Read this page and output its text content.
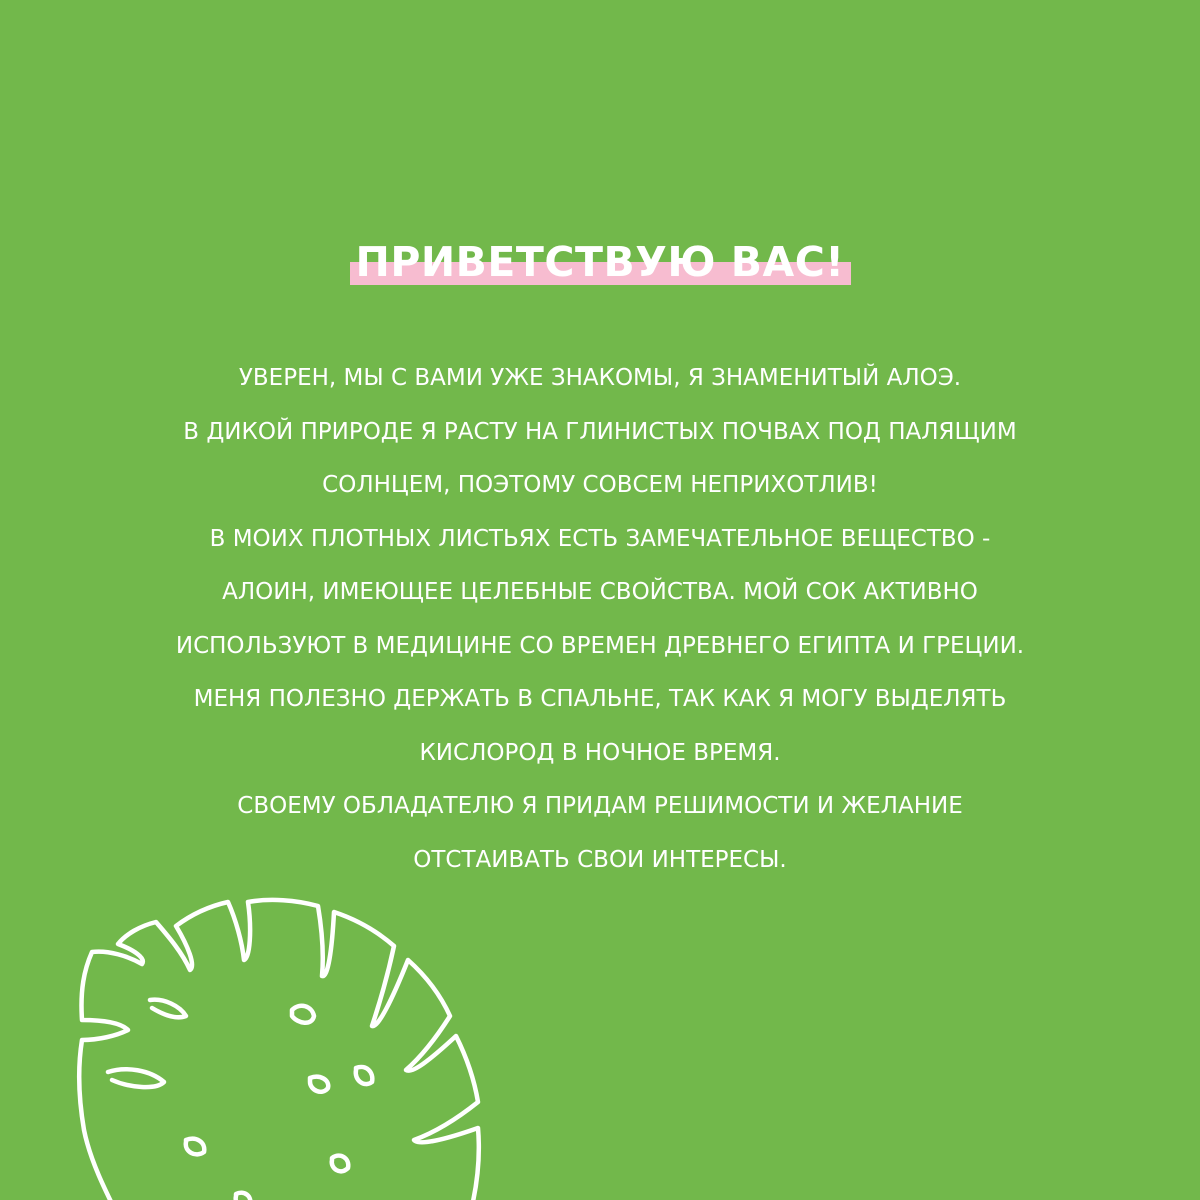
ПРИВЕТСТВУЮ ВАС!
УВЕРЕН, МЫ С ВАМИ УЖЕ ЗНАКОМЫ, Я ЗНАМЕНИТЫЙ АЛОЭ.
В ДИКОЙ ПРИРОДЕ Я РАСТУ НА ГЛИНИСТЫХ ПОЧВАХ ПОД ПАЛЯЩИМ
СОЛНЦЕМ, ПОЭТОМУ СОВСЕМ НЕПРИХОТЛИВ!
В МОИХ ПЛОТНЫХ ЛИСТЬЯХ ЕСТЬ ЗАМЕЧАТЕЛЬНОЕ ВЕЩЕСТВО -
АЛОИН, ИМЕЮЩЕЕ ЦЕЛЕБНЫЕ СВОЙСТВА. МОЙ СОК АКТИВНО
ИСПОЛЬЗУЮТ В МЕДИЦИНЕ СО ВРЕМЕН ДРЕВНЕГО ЕГИПТА И ГРЕЦИИ.
МЕНЯ ПОЛЕЗНО ДЕРЖАТЬ В СПАЛЬНЕ, ТАК КАК Я МОГУ ВЫДЕЛЯТЬ
КИСЛОРОД В НОЧНОЕ ВРЕМЯ.
СВОЕМУ ОБЛАДАТЕЛЮ Я ПРИДАМ РЕШИМОСТИ И ЖЕЛАНИЕ
ОТСТАИВАТЬ СВОИ ИНТЕРЕСЫ.
